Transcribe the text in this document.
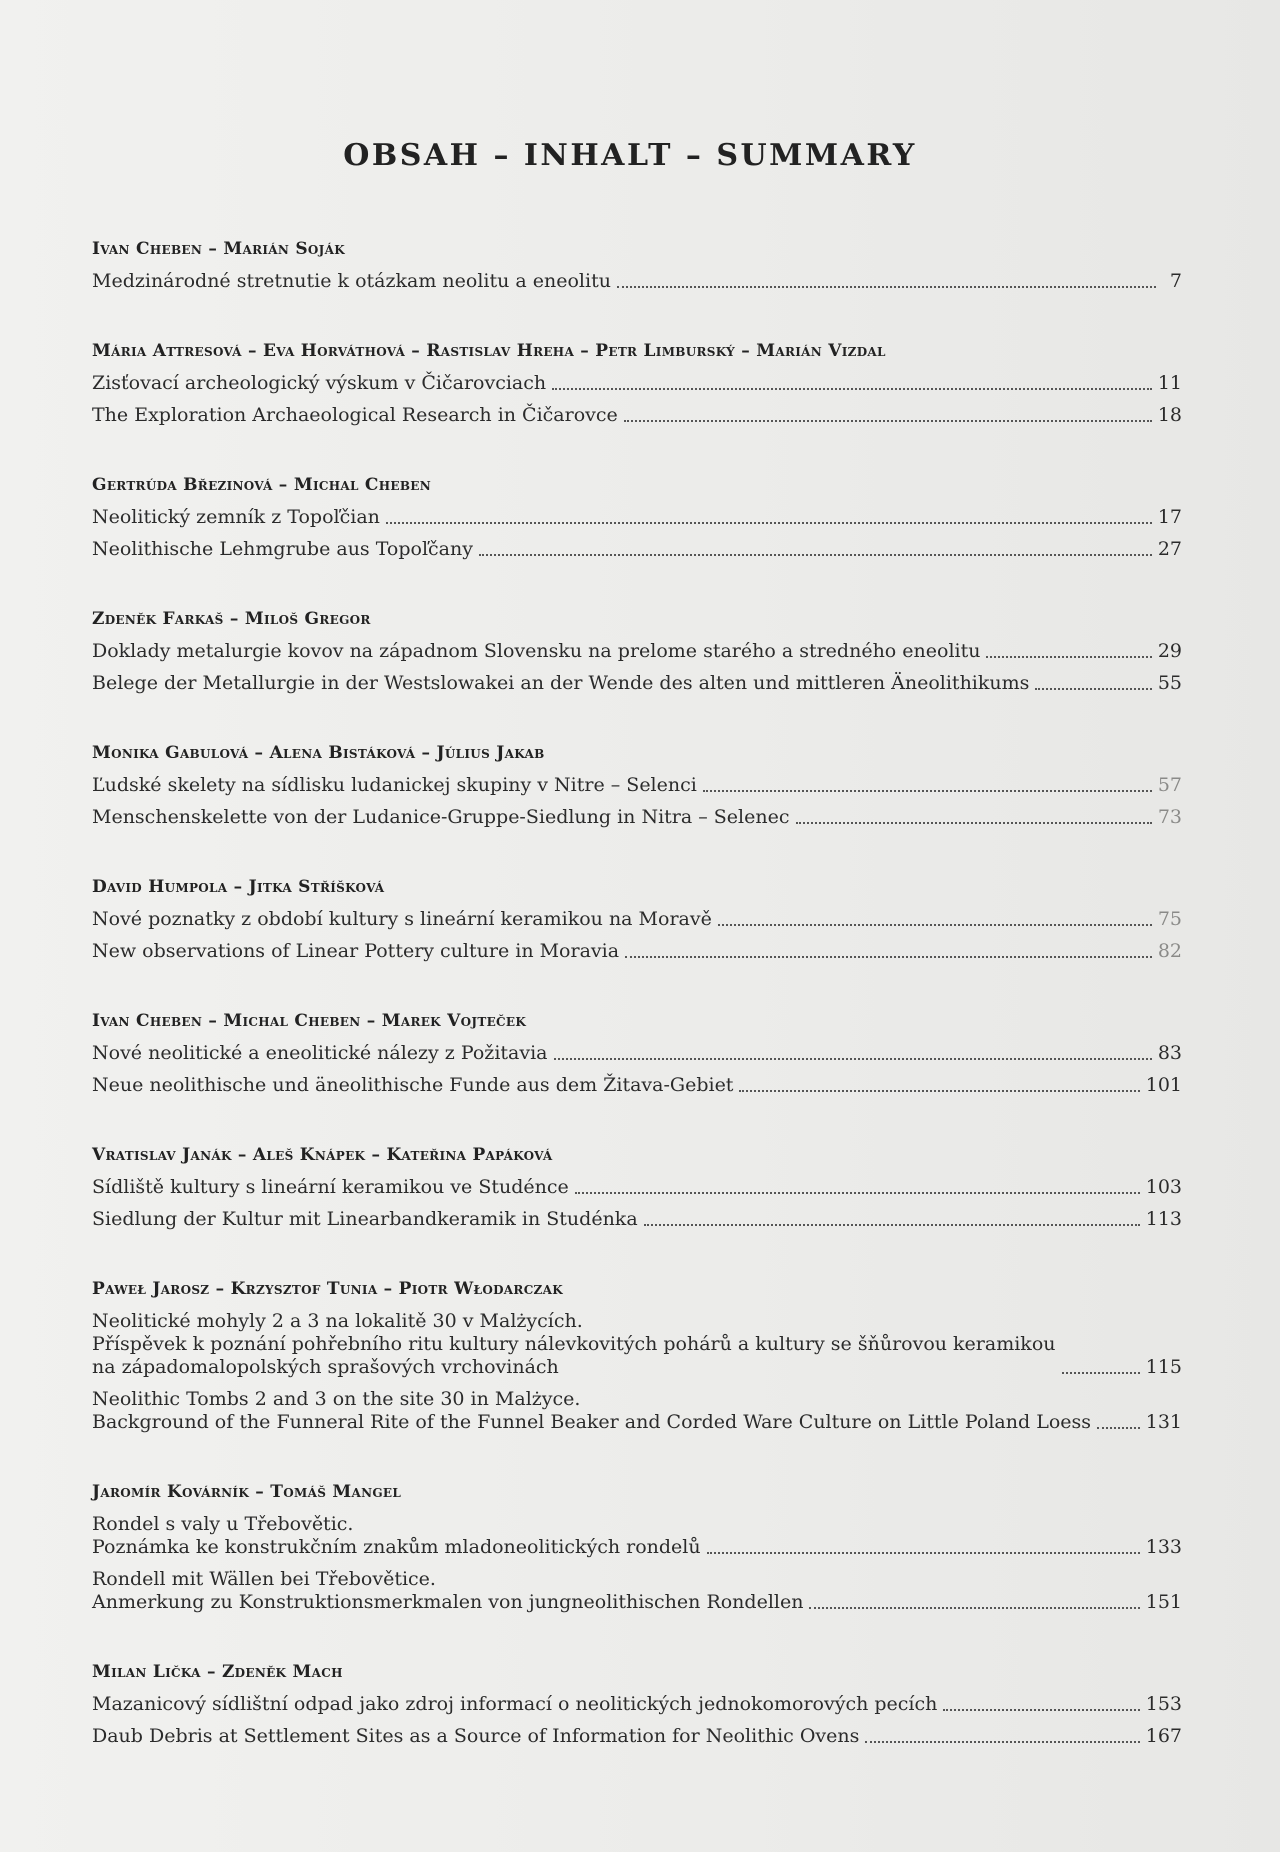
OBSAH – INHALT – SUMMARY
Ivan Cheben – Marián Soják
Medzinárodné stretnutie k otázkam neolitu a eneolitu	7
Mária Attresová – Eva Horváthová – Rastislav Hreha – Petr Limburský – Marián Vizdal
Zisťovací archeologický výskum v Čičarovciach	11
The Exploration Archaeological Research in Čičarovce	18
Gertrúda Březinová – Michal Cheben
Neolitický zemník z Topoľčian	17
Neolithische Lehmgrube aus Topoľčany	27
Zdeněk Farkaš – Miloš Gregor
Doklady metalurgie kovov na západnom Slovensku na prelome starého a stredného eneolitu	29
Belege der Metallurgie in der Westslowakei an der Wende des alten und mittleren Äneolithikums	55
Monika Gabulová – Alena Bistáková – Július Jakab
Ľudské skelety na sídlisku ludanickej skupiny v Nitre – Selenci	57
Menschenskelette von der Ludanice-Gruppe-Siedlung in Nitra – Selenec	73
David Humpola – Jitka Stříšková
Nové poznatky z období kultury s lineární keramikou na Moravě	75
New observations of Linear Pottery culture in Moravia	82
Ivan Cheben – Michal Cheben – Marek Vojteček
Nové neolitické a eneolitické nálezy z Požitavia	83
Neue neolithische und äneolithische Funde aus dem Žitava-Gebiet	101
Vratislav Janák – Aleš Knápek – Kateřina Papáková
Sídliště kultury s lineární keramikou ve Studénce	103
Siedlung der Kultur mit Linearbandkeramik in Studénka	113
Paweł Jarosz – Krzysztof Tunia – Piotr Włodarczak
Neolitické mohyly 2 a 3 na lokalitě 30 v Malżycích.
Příspěvek k poznání pohřebního ritu kultury nálevkovitých pohárů a kultury se šňůrovou keramikou
na západomalopolských sprašových vrchovinách	115
Neolithic Tombs 2 and 3 on the site 30 in Malżyce.
Background of the Funneral Rite of the Funnel Beaker and Corded Ware Culture on Little Poland Loess	131
Jaromír Kovárník – Tomáš Mangel
Rondel s valy u Třebovětic.
Poznámka ke konstrukčním znakům mladoneolitických rondelů	133
Rondell mit Wällen bei Třebovětice.
Anmerkung zu Konstruktionsmerkmalen von jungneolithischen Rondellen	151
Milan Lička – Zdeněk Mach
Mazanicový sídlištní odpad jako zdroj informací o neolitických jednokomorových pecích	153
Daub Debris at Settlement Sites as a Source of Information for Neolithic Ovens	167
